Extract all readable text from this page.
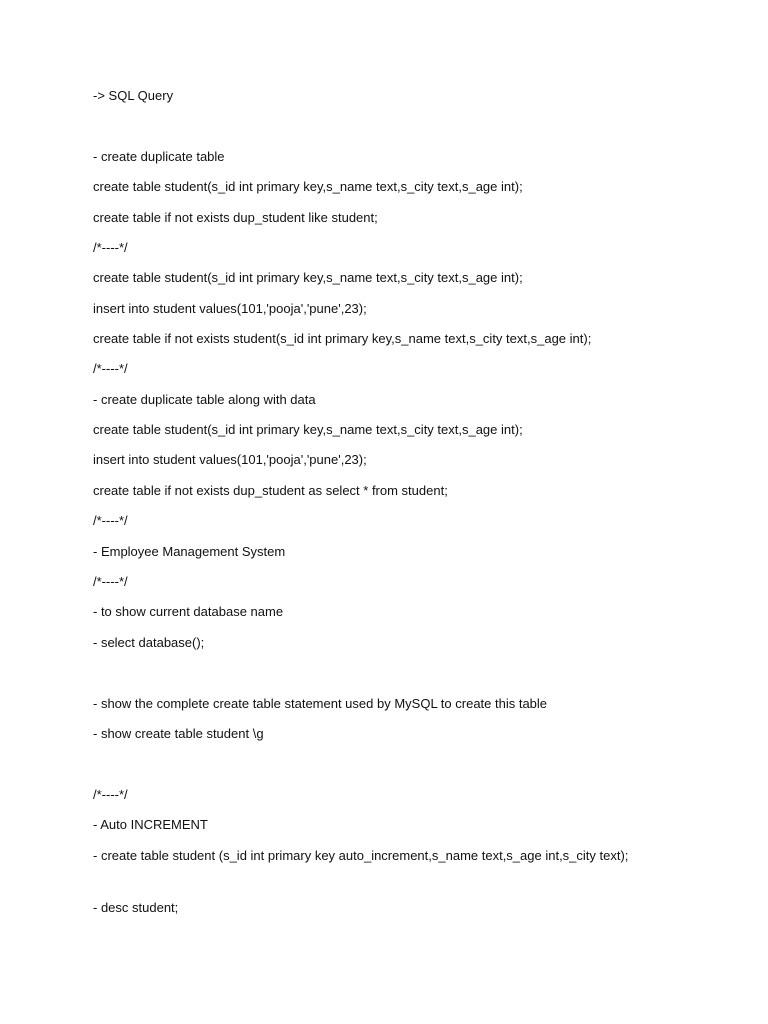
-> SQL Query
- create duplicate table
create table student(s_id int primary key,s_name text,s_city text,s_age int);
create table if not exists dup_student like student;
/*----*/
create table student(s_id int primary key,s_name text,s_city text,s_age int);
insert into student values(101,'pooja','pune',23);
create table if not exists student(s_id int primary key,s_name text,s_city text,s_age int);
/*----*/
- create duplicate table along with data
create table student(s_id int primary key,s_name text,s_city text,s_age int);
insert into student values(101,'pooja','pune',23);
create table if not exists dup_student as select * from student;
/*----*/
- Employee Management System
/*----*/
- to show current database name
- select database();
- show the complete create table statement used by MySQL to create this table
- show create table student \g
/*----*/
- Auto INCREMENT
- create table student (s_id int primary key auto_increment,s_name text,s_age int,s_city text);
- desc student;
